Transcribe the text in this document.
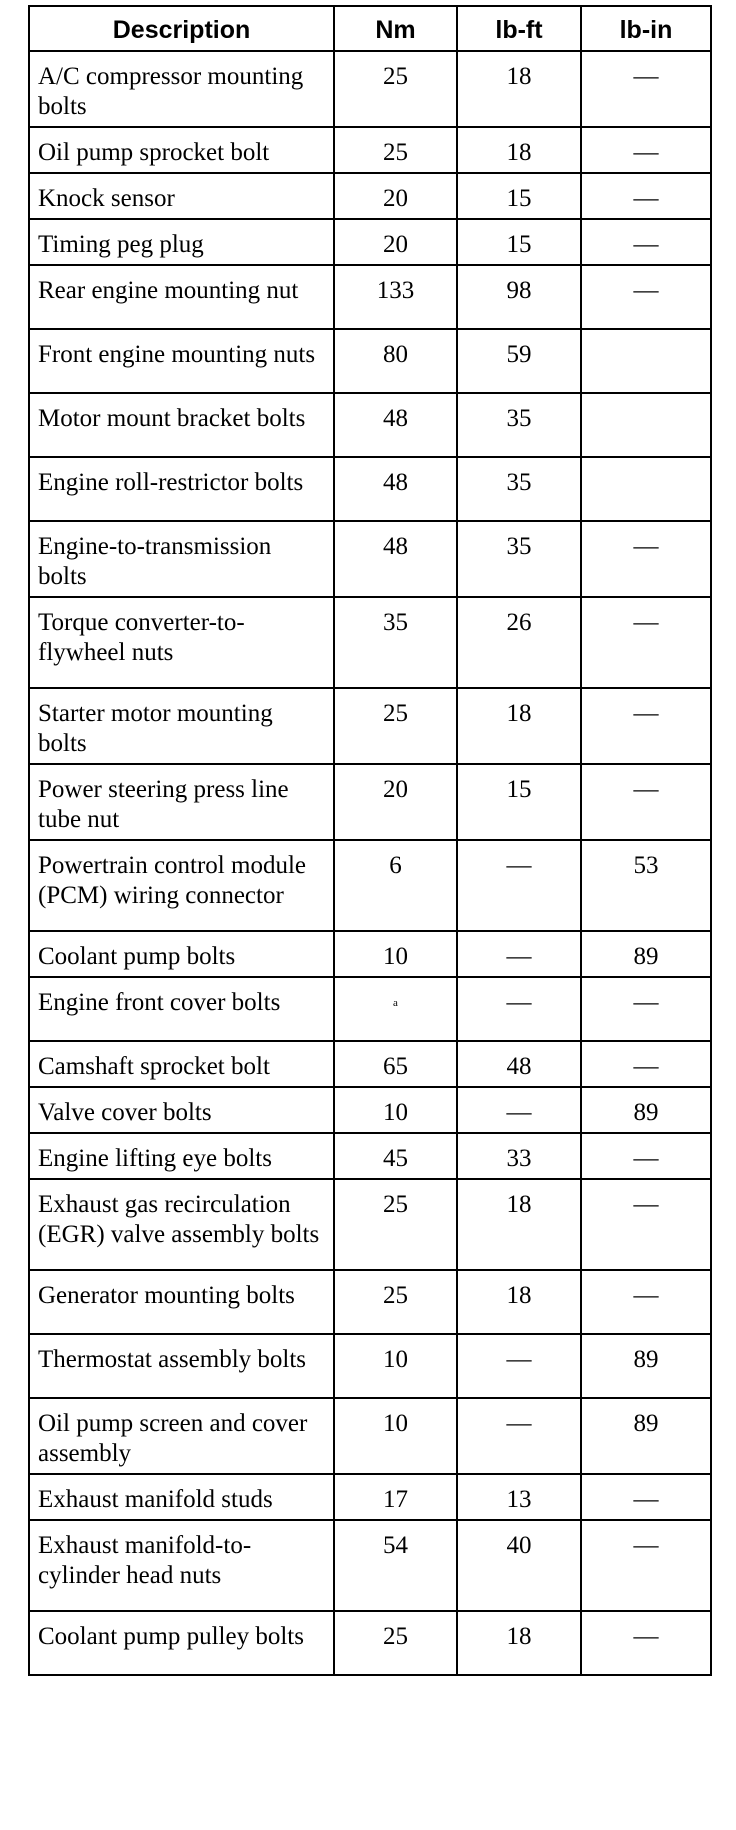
Description	Nm	lb-ft	lb-in
A/C compressor mounting bolts	25	18	—
Oil pump sprocket bolt	25	18	—
Knock sensor	20	15	—
Timing peg plug	20	15	—
Rear engine mounting nut	133	98	—
Front engine mounting nuts	80	59	
Motor mount bracket bolts	48	35	
Engine roll-restrictor bolts	48	35	
Engine-to-transmission bolts	48	35	—
Torque converter-to-flywheel nuts	35	26	—
Starter motor mounting bolts	25	18	—
Power steering press line tube nut	20	15	—
Powertrain control module (PCM) wiring connector	6	—	53
Coolant pump bolts	10	—	89
Engine front cover bolts	$^a$	—	—
Camshaft sprocket bolt	65	48	—
Valve cover bolts	10	—	89
Engine lifting eye bolts	45	33	—
Exhaust gas recirculation (EGR) valve assembly bolts	25	18	—
Generator mounting bolts	25	18	—
Thermostat assembly bolts	10	—	89
Oil pump screen and cover assembly	10	—	89
Exhaust manifold studs	17	13	—
Exhaust manifold-to-cylinder head nuts	54	40	—
Coolant pump pulley bolts	25	18	—
